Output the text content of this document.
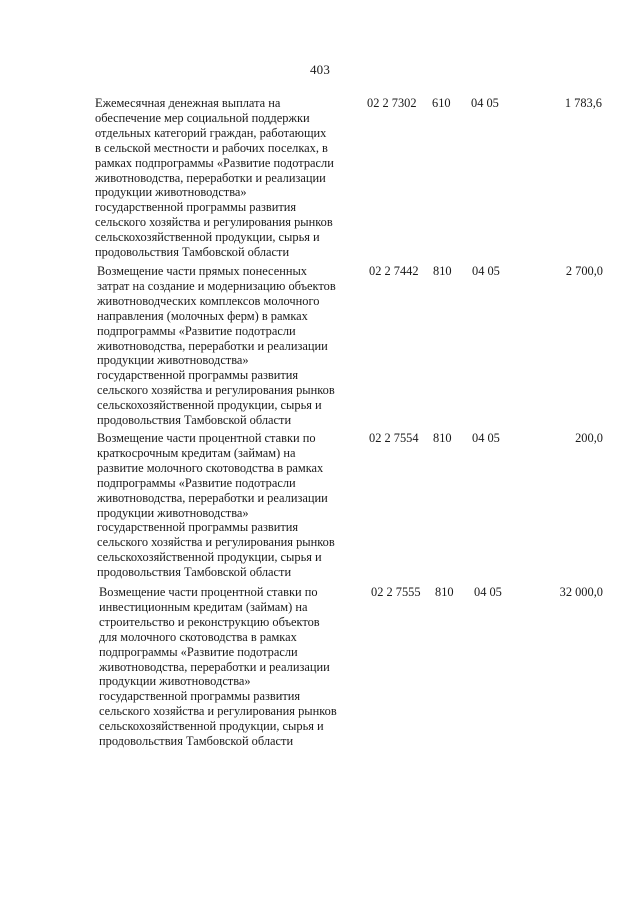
403
Ежемесячная денежная выплата на
обеспечение мер социальной поддержки
отдельных категорий граждан, работающих
в сельской местности и рабочих поселках, в
рамках подпрограммы «Развитие подотрасли
животноводства, переработки и реализации
продукции животноводства»
государственной программы развития
сельского хозяйства и регулирования рынков
сельскохозяйственной продукции, сырья и
продовольствия Тамбовской области
02 2 7302 610 04 05	1 783,6
Возмещение части прямых понесенных
затрат на создание и модернизацию объектов
животноводческих комплексов молочного
направления (молочных ферм) в рамках
подпрограммы «Развитие подотрасли
животноводства, переработки и реализации
продукции животноводства»
государственной программы развития
сельского хозяйства и регулирования рынков
сельскохозяйственной продукции, сырья и
продовольствия Тамбовской области
02 2 7442 810 04 05	2 700,0
Возмещение части процентной ставки по
краткосрочным кредитам (займам) на
развитие молочного скотоводства в рамках
подпрограммы «Развитие подотрасли
животноводства, переработки и реализации
продукции животноводства»
государственной программы развития
сельского хозяйства и регулирования рынков
сельскохозяйственной продукции, сырья и
продовольствия Тамбовской области
02 2 7554 810 04 05	200,0
Возмещение части процентной ставки по
инвестиционным кредитам (займам) на
строительство и реконструкцию объектов
для молочного скотоводства в рамках
подпрограммы «Развитие подотрасли
животноводства, переработки и реализации
продукции животноводства»
государственной программы развития
сельского хозяйства и регулирования рынков
сельскохозяйственной продукции, сырья и
продовольствия Тамбовской области
02 2 7555 810 04 05	32 000,0
